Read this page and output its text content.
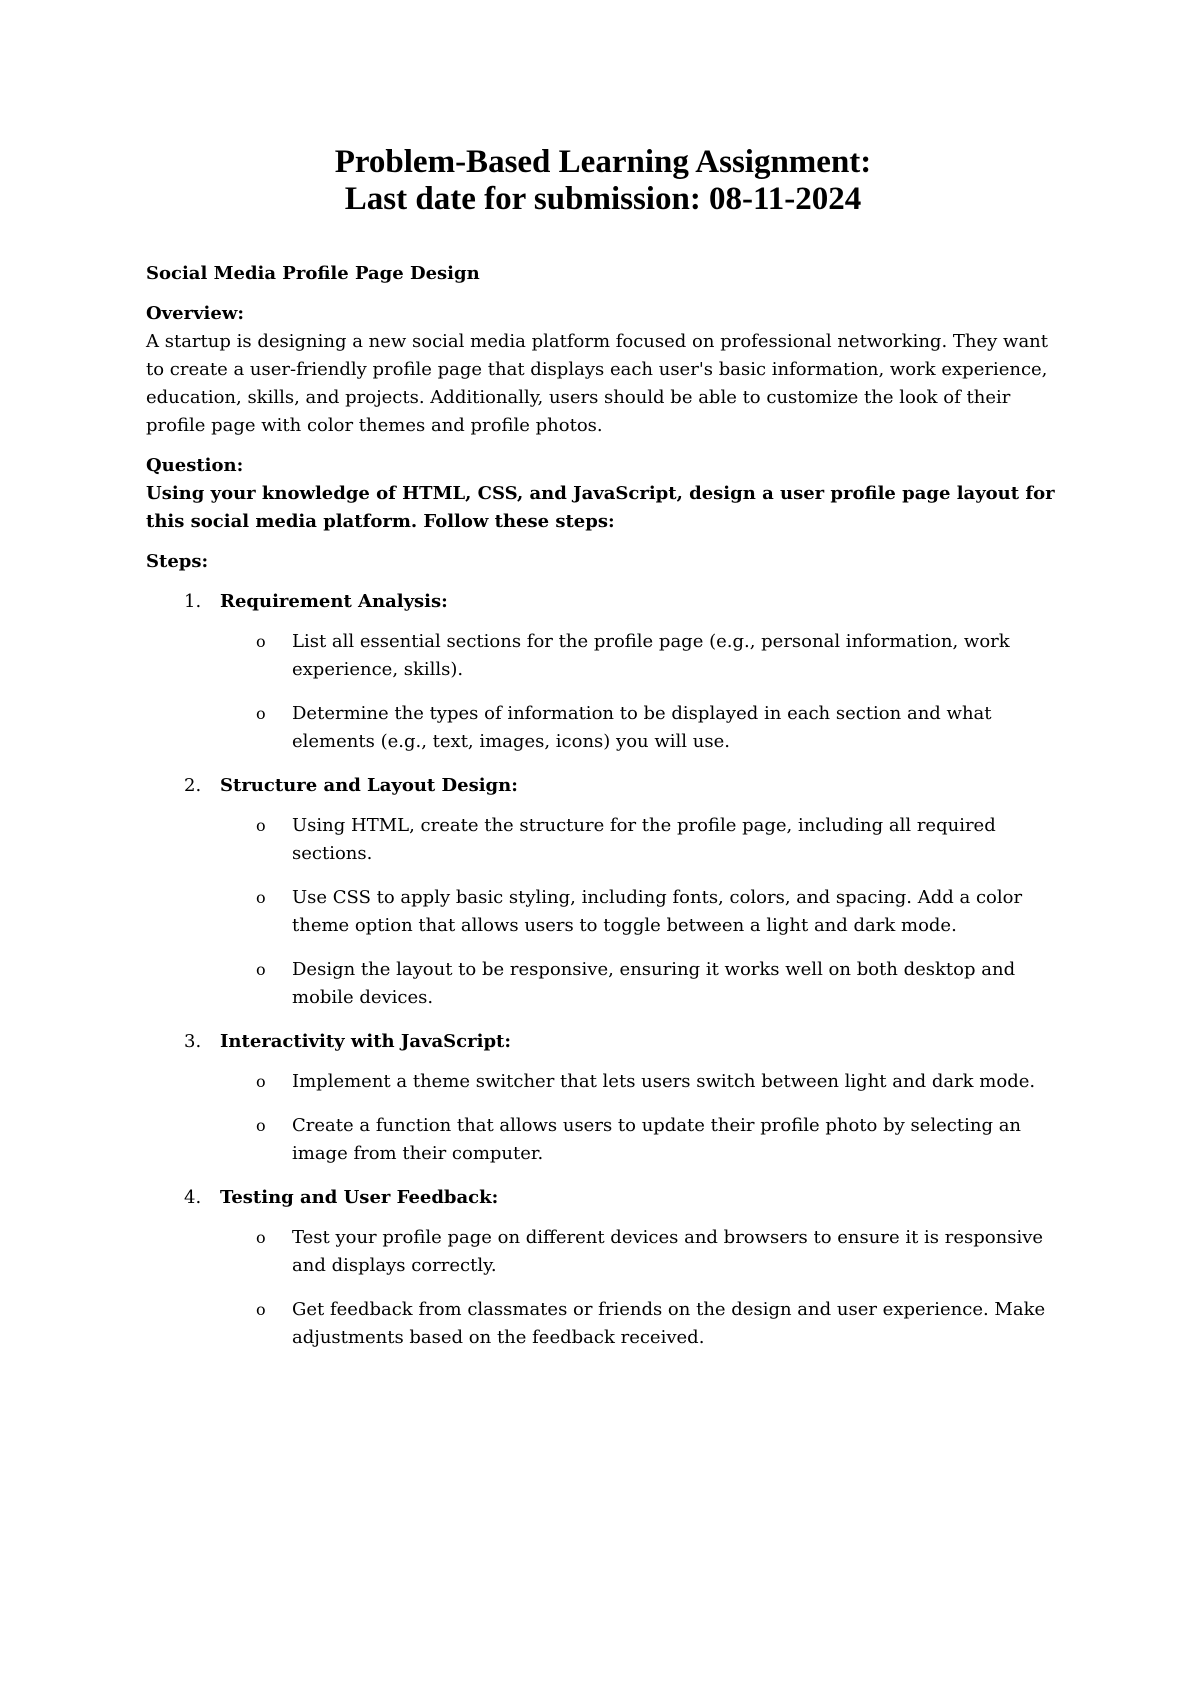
Problem-Based Learning Assignment:
Last date for submission: 08-11-2024
Social Media Profile Page Design
Overview:
A startup is designing a new social media platform focused on professional networking. They want to create a user-friendly profile page that displays each user's basic information, work experience, education, skills, and projects. Additionally, users should be able to customize the look of their profile page with color themes and profile photos.
Question:
Using your knowledge of HTML, CSS, and JavaScript, design a user profile page layout for this social media platform. Follow these steps:
Steps:
1.	Requirement Analysis:
o	List all essential sections for the profile page (e.g., personal information, work experience, skills).
o	Determine the types of information to be displayed in each section and what elements (e.g., text, images, icons) you will use.
2.	Structure and Layout Design:
o	Using HTML, create the structure for the profile page, including all required sections.
o	Use CSS to apply basic styling, including fonts, colors, and spacing. Add a color theme option that allows users to toggle between a light and dark mode.
o	Design the layout to be responsive, ensuring it works well on both desktop and mobile devices.
3.	Interactivity with JavaScript:
o	Implement a theme switcher that lets users switch between light and dark mode.
o	Create a function that allows users to update their profile photo by selecting an image from their computer.
4.	Testing and User Feedback:
o	Test your profile page on different devices and browsers to ensure it is responsive and displays correctly.
o	Get feedback from classmates or friends on the design and user experience. Make adjustments based on the feedback received.
